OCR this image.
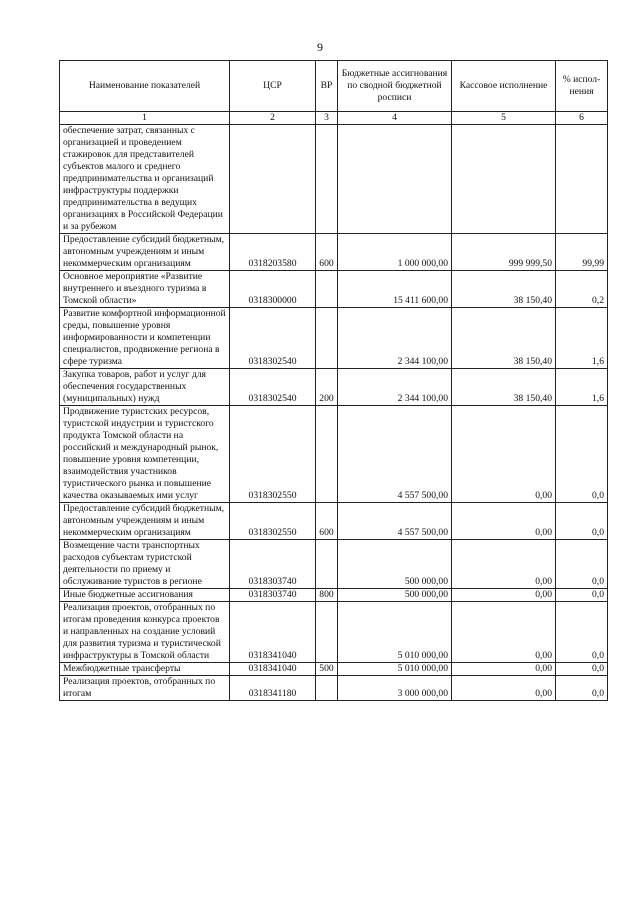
9
Наименование показателей	ЦСР	ВР	Бюджетные ассигнования по сводной бюджетной росписи	Кассовое исполнение	% испол-нения
1	2	3	4	5	6
обеспечение затрат, связанных с организацией и проведением стажировок для представителей субъектов малого и среднего предпринимательства и организаций инфраструктуры поддержки предпринимательства в ведущих организациях в Российской Федерации и за рубежом					
Предоставление субсидий бюджетным, автономным учреждениям и иным некоммерческим организациям	0318203580	600	1 000 000,00	999 999,50	99,99
Основное мероприятие «Развитие внутреннего и въездного туризма в Томской области»	0318300000		15 411 600,00	38 150,40	0,2
Развитие комфортной информационной среды, повышение уровня информированности и компетенции специалистов, продвижение региона в сфере туризма	0318302540		2 344 100,00	38 150,40	1,6
Закупка товаров, работ и услуг для обеспечения государственных (муниципальных) нужд	0318302540	200	2 344 100,00	38 150,40	1,6
Продвижение туристских ресурсов, туристской индустрии и туристского продукта Томской области на российский и международный рынок, повышение уровня компетенции, взаимодействия участников туристического рынка и повышение качества оказываемых ими услуг	0318302550		4 557 500,00	0,00	0,0
Предоставление субсидий бюджетным, автономным учреждениям и иным некоммерческим организациям	0318302550	600	4 557 500,00	0,00	0,0
Возмещение части транспортных расходов субъектам туристской деятельности по приему и обслуживание туристов в регионе	0318303740		500 000,00	0,00	0,0
Иные бюджетные ассигнования	0318303740	800	500 000,00	0,00	0,0
Реализация проектов, отобранных по итогам проведения конкурса проектов и направленных на создание условий для развития туризма и туристической инфраструктуры в Томской области	0318341040		5 010 000,00	0,00	0,0
Межбюджетные трансферты	0318341040	500	5 010 000,00	0,00	0,0
Реализация проектов, отобранных по итогам	0318341180		3 000 000,00	0,00	0,0
